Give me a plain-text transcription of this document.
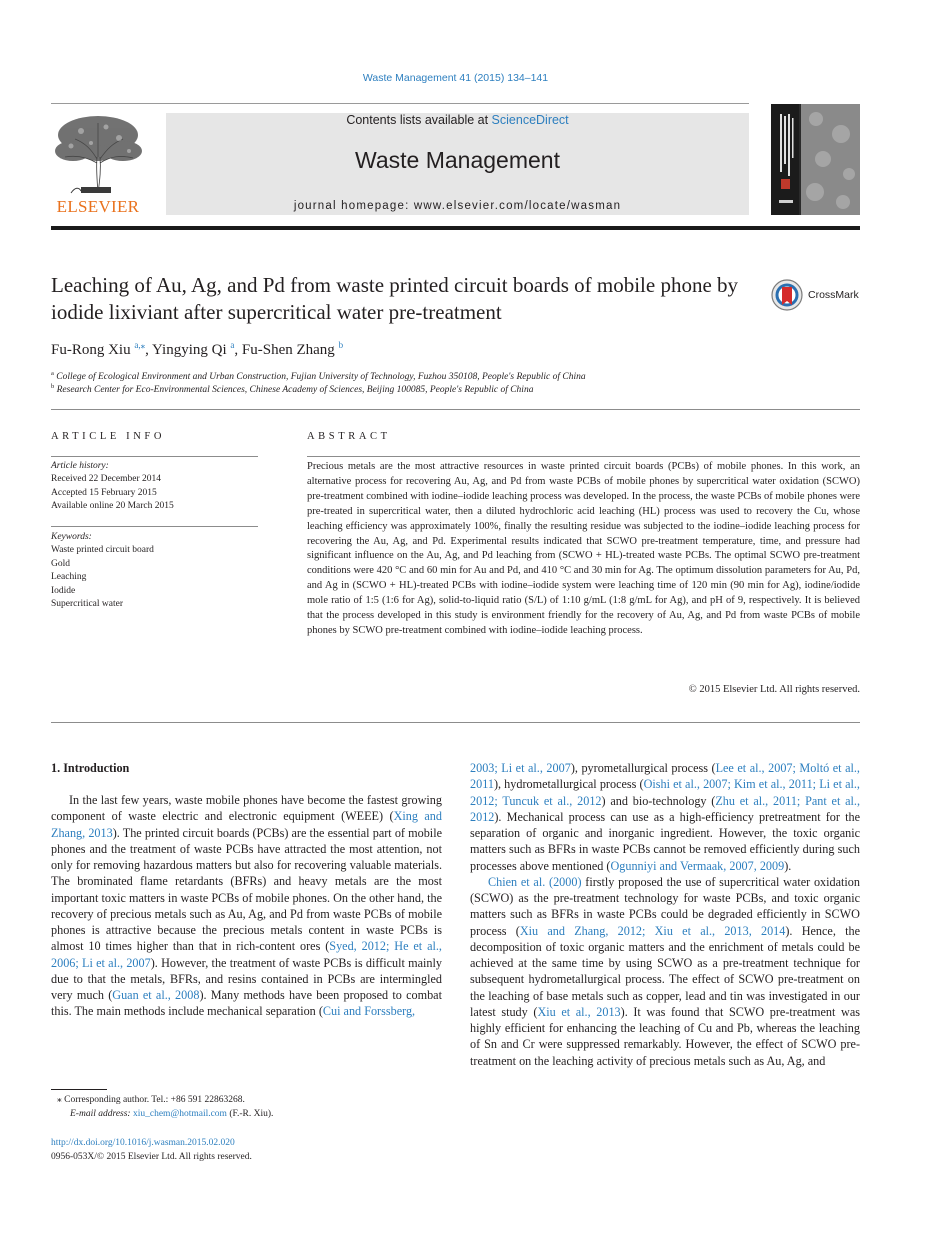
Waste Management 41 (2015) 134–141
ELSEVIER
Contents lists available at ScienceDirect
Waste Management
journal homepage: www.elsevier.com/locate/wasman
Leaching of Au, Ag, and Pd from waste printed circuit boards of mobile phone by iodide lixiviant after supercritical water pre-treatment
CrossMark
Fu-Rong Xiu $^{a,⁎}$, Yingying Qi $^a$, Fu-Shen Zhang $^b$
$^a$ College of Ecological Environment and Urban Construction, Fujian University of Technology, Fuzhou 350108, People's Republic of China
$^b$ Research Center for Eco-Environmental Sciences, Chinese Academy of Sciences, Beijing 100085, People's Republic of China
ARTICLE INFO
Article history:
Received 22 December 2014
Accepted 15 February 2015
Available online 20 March 2015
Keywords:
Waste printed circuit board
Gold
Leaching
Iodide
Supercritical water
ABSTRACT
Precious metals are the most attractive resources in waste printed circuit boards (PCBs) of mobile phones. In this work, an alternative process for recovering Au, Ag, and Pd from waste PCBs of mobile phones by supercritical water oxidation (SCWO) pre-treatment combined with iodine–iodide leaching process was developed. In the process, the waste PCBs of mobile phones were pre-treated in supercritical water, then a diluted hydrochloric acid leaching (HL) process was used to recovery the Cu, whose leaching efficiency was approximately 100%, finally the resulting residue was subjected to the iodine–iodide leaching process for recovering the Au, Ag, and Pd. Experimental results indicated that SCWO pre-treatment temperature, time, and pressure had significant influence on the Au, Ag, and Pd leaching from (SCWO + HL)-treated waste PCBs. The optimal SCWO pre-treatment conditions were 420 °C and 60 min for Au and Pd, and 410 °C and 30 min for Ag. The optimum dissolution parameters for Au, Pd, and Ag in (SCWO + HL)-treated PCBs with iodine–iodide system were leaching time of 120 min (90 min for Ag), iodine/iodide mole ratio of 1:5 (1:6 for Ag), solid-to-liquid ratio (S/L) of 1:10 g/mL (1:8 g/mL for Ag), and pH of 9, respectively. It is believed that the process developed in this study is environment friendly for the recovery of Au, Ag, and Pd from waste PCBs of mobile phones by SCWO pre-treatment combined with iodine–iodide leaching process.
© 2015 Elsevier Ltd. All rights reserved.
1. Introduction

In the last few years, waste mobile phones have become the fastest growing component of waste electric and electronic equipment (WEEE) (Xing and Zhang, 2013). The printed circuit boards (PCBs) are the essential part of mobile phones and the treatment of waste PCBs have attracted the most attention, not only for removing hazardous matters but also for recovering valuable materials. The brominated flame retardants (BFRs) and heavy metals are the most important toxic matters in waste PCBs of mobile phones. On the other hand, the recovery of precious metals such as Au, Ag, and Pd from waste PCBs of mobile phones is attractive because the precious metals content in waste PCBs is almost 10 times higher than that in rich-content ores (Syed, 2012; He et al., 2006; Li et al., 2007). However, the treatment of waste PCBs is difficult mainly due to that the metals, BFRs, and resins contained in PCBs are intermingled very much (Guan et al., 2008). Many methods have been proposed to combat this. The main methods include mechanical separation (Cui and Forssberg,

2003; Li et al., 2007), pyrometallurgical process (Lee et al., 2007; Moltó et al., 2011), hydrometallurgical process (Oishi et al., 2007; Kim et al., 2011; Li et al., 2012; Tuncuk et al., 2012) and bio-technology (Zhu et al., 2011; Pant et al., 2012). Mechanical process can use as a high-efficiency pretreatment for the separation of organic and inorganic ingredient. However, the toxic organic matters such as BFRs in waste PCBs cannot be removed efficiently during such processes above mentioned (Ogunniyi and Vermaak, 2007, 2009).

Chien et al. (2000) firstly proposed the use of supercritical water oxidation (SCWO) as the pre-treatment technology for waste PCBs, and toxic organic matters such as BFRs in waste PCBs could be degraded efficiently in SCWO process (Xiu and Zhang, 2012; Xiu et al., 2013, 2014). Hence, the decomposition of toxic organic matters and the enrichment of metals could be achieved at the same time by using SCWO as a pre-treatment technique for subsequent hydrometallurgical process. The effect of SCWO pre-treatment on the leaching of base metals such as copper, lead and tin was investigated in our latest study (Xiu et al., 2013). It was found that SCWO pre-treatment was highly efficient for enhancing the leaching of Cu and Pb, whereas the leaching of Sn and Cr were suppressed remarkably. However, the effect of SCWO pre-treatment on the leaching activity of precious metals such as Au, Ag, and

⁎ Corresponding author. Tel.: +86 591 22863268.
E-mail address: xiu_chem@hotmail.com (F.-R. Xiu).
http://dx.doi.org/10.1016/j.wasman.2015.02.020
0956-053X/© 2015 Elsevier Ltd. All rights reserved.
